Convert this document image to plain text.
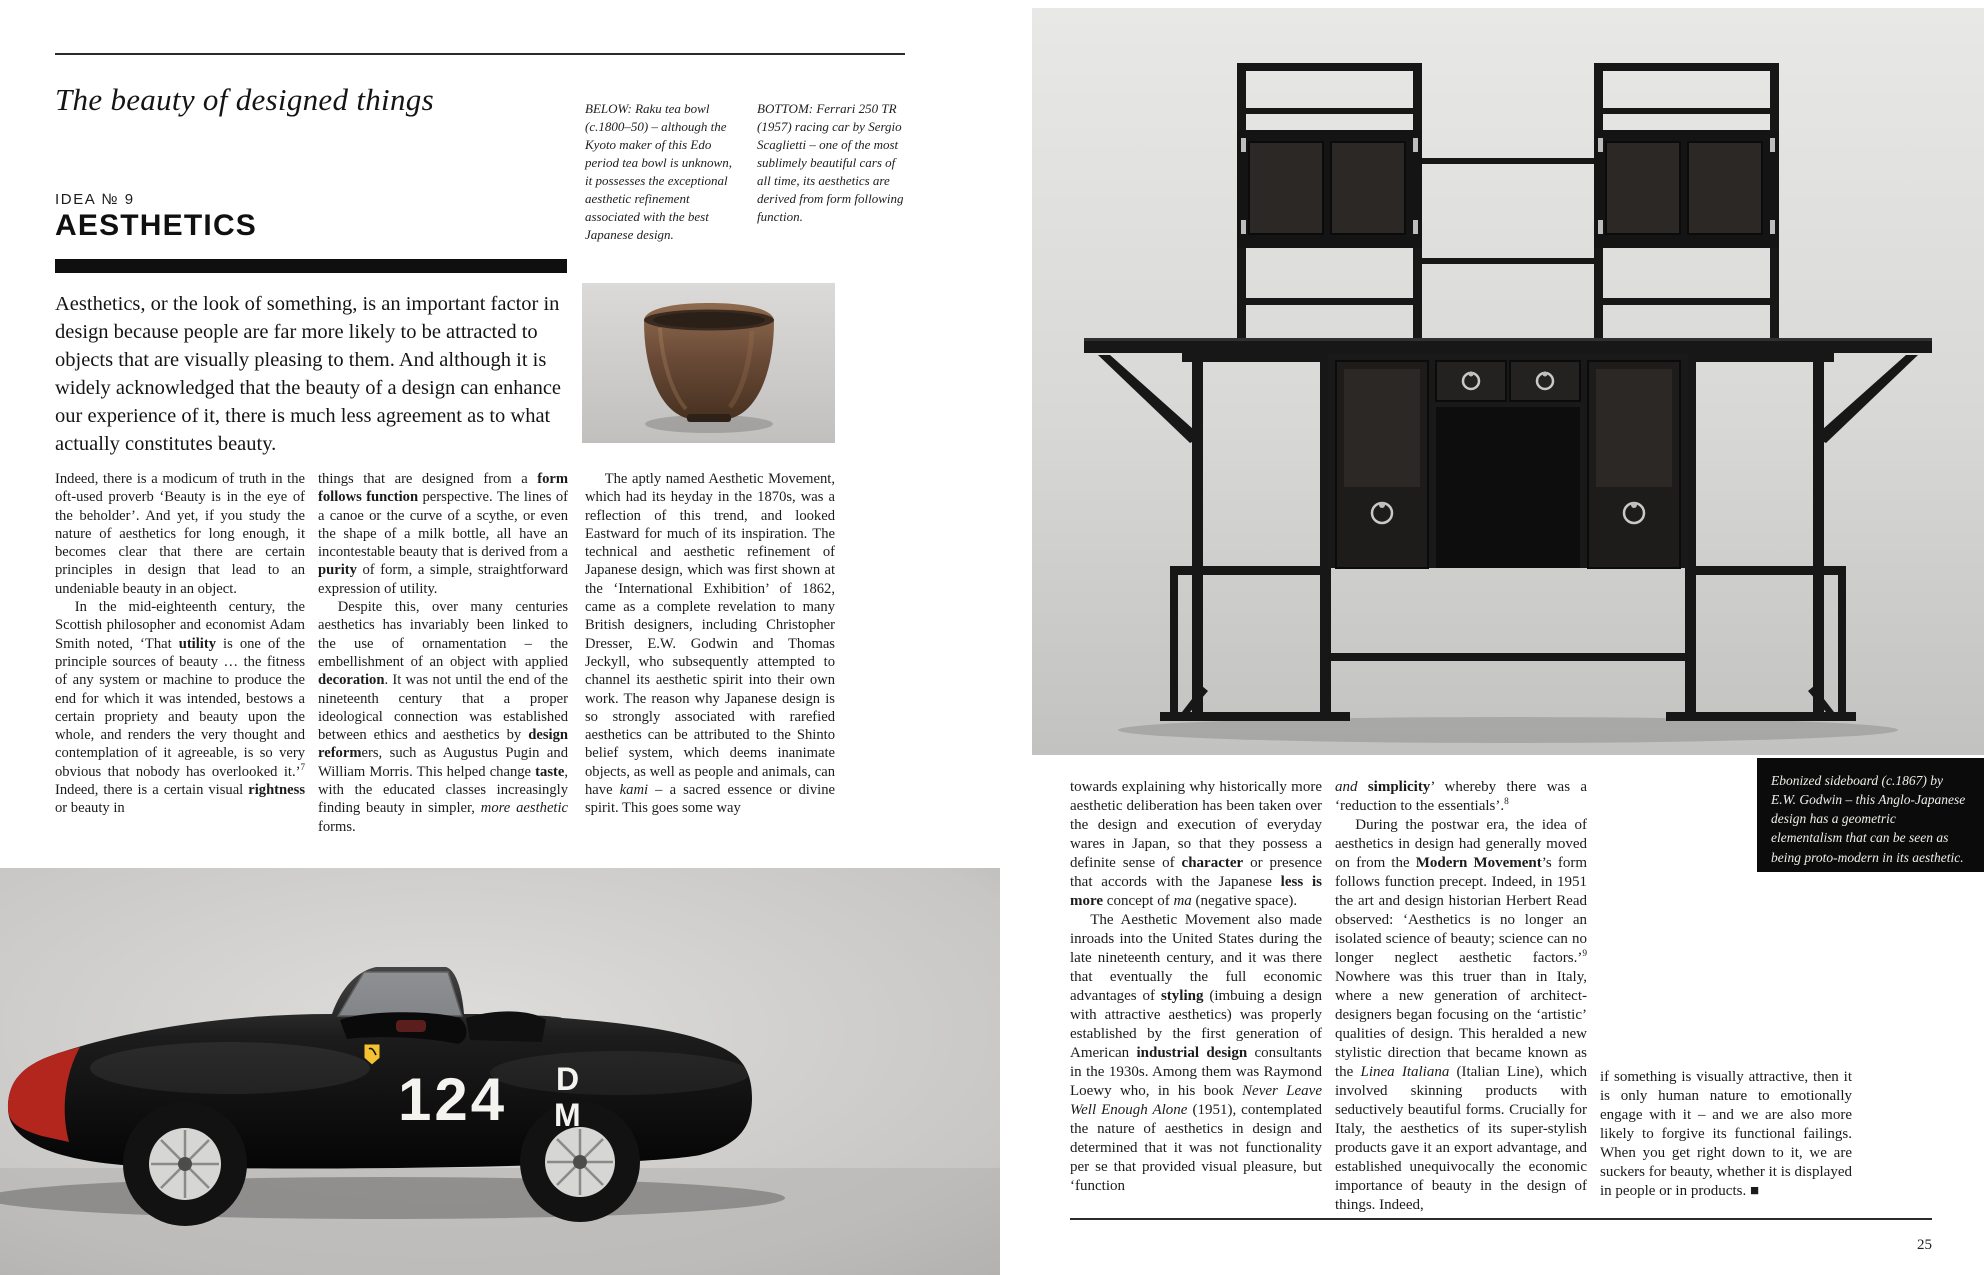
The beauty of designed things	BELOW: Raku tea bowl (c.1800–50) – although the Kyoto maker of this Edo period tea bowl is unknown, it possesses the exceptional aesthetic refinement associated with the best Japanese design.
BOTTOM: Ferrari 250 TR (1957) racing car by Sergio Scaglietti – one of the most sublimely beautiful cars of all time, its aesthetics are derived from form following function.
IDEA № 9
AESTHETICS

Aesthetics, or the look of something, is an important factor in design because people are far more likely to be attracted to objects that are visually pleasing to them. And although it is widely acknowledged that the beauty of a design can enhance our experience of it, there is much less agreement as to what actually constitutes beauty.

Indeed, there is a modicum of truth in the oft-used proverb ‘Beauty is in the eye of the beholder’. And yet, if you study the nature of aesthetics for long enough, it becomes clear that there are certain principles in design that lead to an undeniable beauty in an object.

In the mid-eighteenth century, the Scottish philosopher and economist Adam Smith noted, ‘That utility is one of the principle sources of beauty … the fitness of any system or machine to produce the end for which it was intended, bestows a certain propriety and beauty upon the whole, and renders the very thought and contemplation of it agreeable, is so very obvious that nobody has overlooked it.’$^7$ Indeed, there is a certain visual rightness or beauty in

things that are designed from a form follows function perspective. The lines of a canoe or the curve of a scythe, or even the shape of a milk bottle, all have an incontestable beauty that is derived from a purity of form, a simple, straightforward expression of utility.

Despite this, over many centuries aesthetics has invariably been linked to the use of ornamentation – the embellishment of an object with applied decoration. It was not until the end of the nineteenth century that a proper ideological connection was established between ethics and aesthetics by design reformers, such as Augustus Pugin and William Morris. This helped change taste, with the educated classes increasingly finding beauty in simpler, more aesthetic forms.

The aptly named Aesthetic Movement, which had its heyday in the 1870s, was a reflection of this trend, and looked Eastward for much of its inspiration. The technical and aesthetic refinement of Japanese design, which was first shown at the ‘International Exhibition’ of 1862, came as a complete revelation to many British designers, including Christopher Dresser, E.W. Godwin and Thomas Jeckyll, who subsequently attempted to channel its aesthetic spirit into their own work. The reason why Japanese design is so strongly associated with rarefied aesthetics can be attributed to the Shinto belief system, which deems inanimate objects, as well as people and animals, can have kami – a sacred essence or divine spirit. This goes some way

124 D
M
Ebonized sideboard (c.1867) by E.W. Godwin – this Anglo-Japanese design has a geometric elementalism that can be seen as being proto-modern in its aesthetic.

towards explaining why historically more aesthetic deliberation has been taken over the design and execution of everyday wares in Japan, so that they possess a definite sense of character or presence that accords with the Japanese less is more concept of ma (negative space).

The Aesthetic Movement also made inroads into the United States during the late nineteenth century, and it was there that eventually the full economic advantages of styling (imbuing a design with attractive aesthetics) was properly established by the first generation of American industrial design consultants in the 1930s. Among them was Raymond Loewy who, in his book Never Leave Well Enough Alone (1951), contemplated the nature of aesthetics in design and determined that it was not functionality per se that provided visual pleasure, but ‘function

and simplicity’ whereby there was a ‘reduction to the essentials’.$^8$

During the postwar era, the idea of aesthetics in design had generally moved on from the Modern Movement’s form follows function precept. Indeed, in 1951 the art and design historian Herbert Read observed: ‘Aesthetics is no longer an isolated science of beauty; science can no longer neglect aesthetic factors.’$^9$ Nowhere was this truer than in Italy, where a new generation of architect-designers began focusing on the ‘artistic’ qualities of design. This heralded a new stylistic direction that became known as the Linea Italiana (Italian Line), which involved skinning products with seductively beautiful forms. Crucially for Italy, the aesthetics of its super-stylish products gave it an export advantage, and established unequivocally the economic importance of beauty in the design of things. Indeed,

if something is visually attractive, then it is only human nature to emotionally engage with it – and we are also more likely to forgive its functional failings. When you get right down to it, we are suckers for beauty, whether it is displayed in people or in products. ■

25
